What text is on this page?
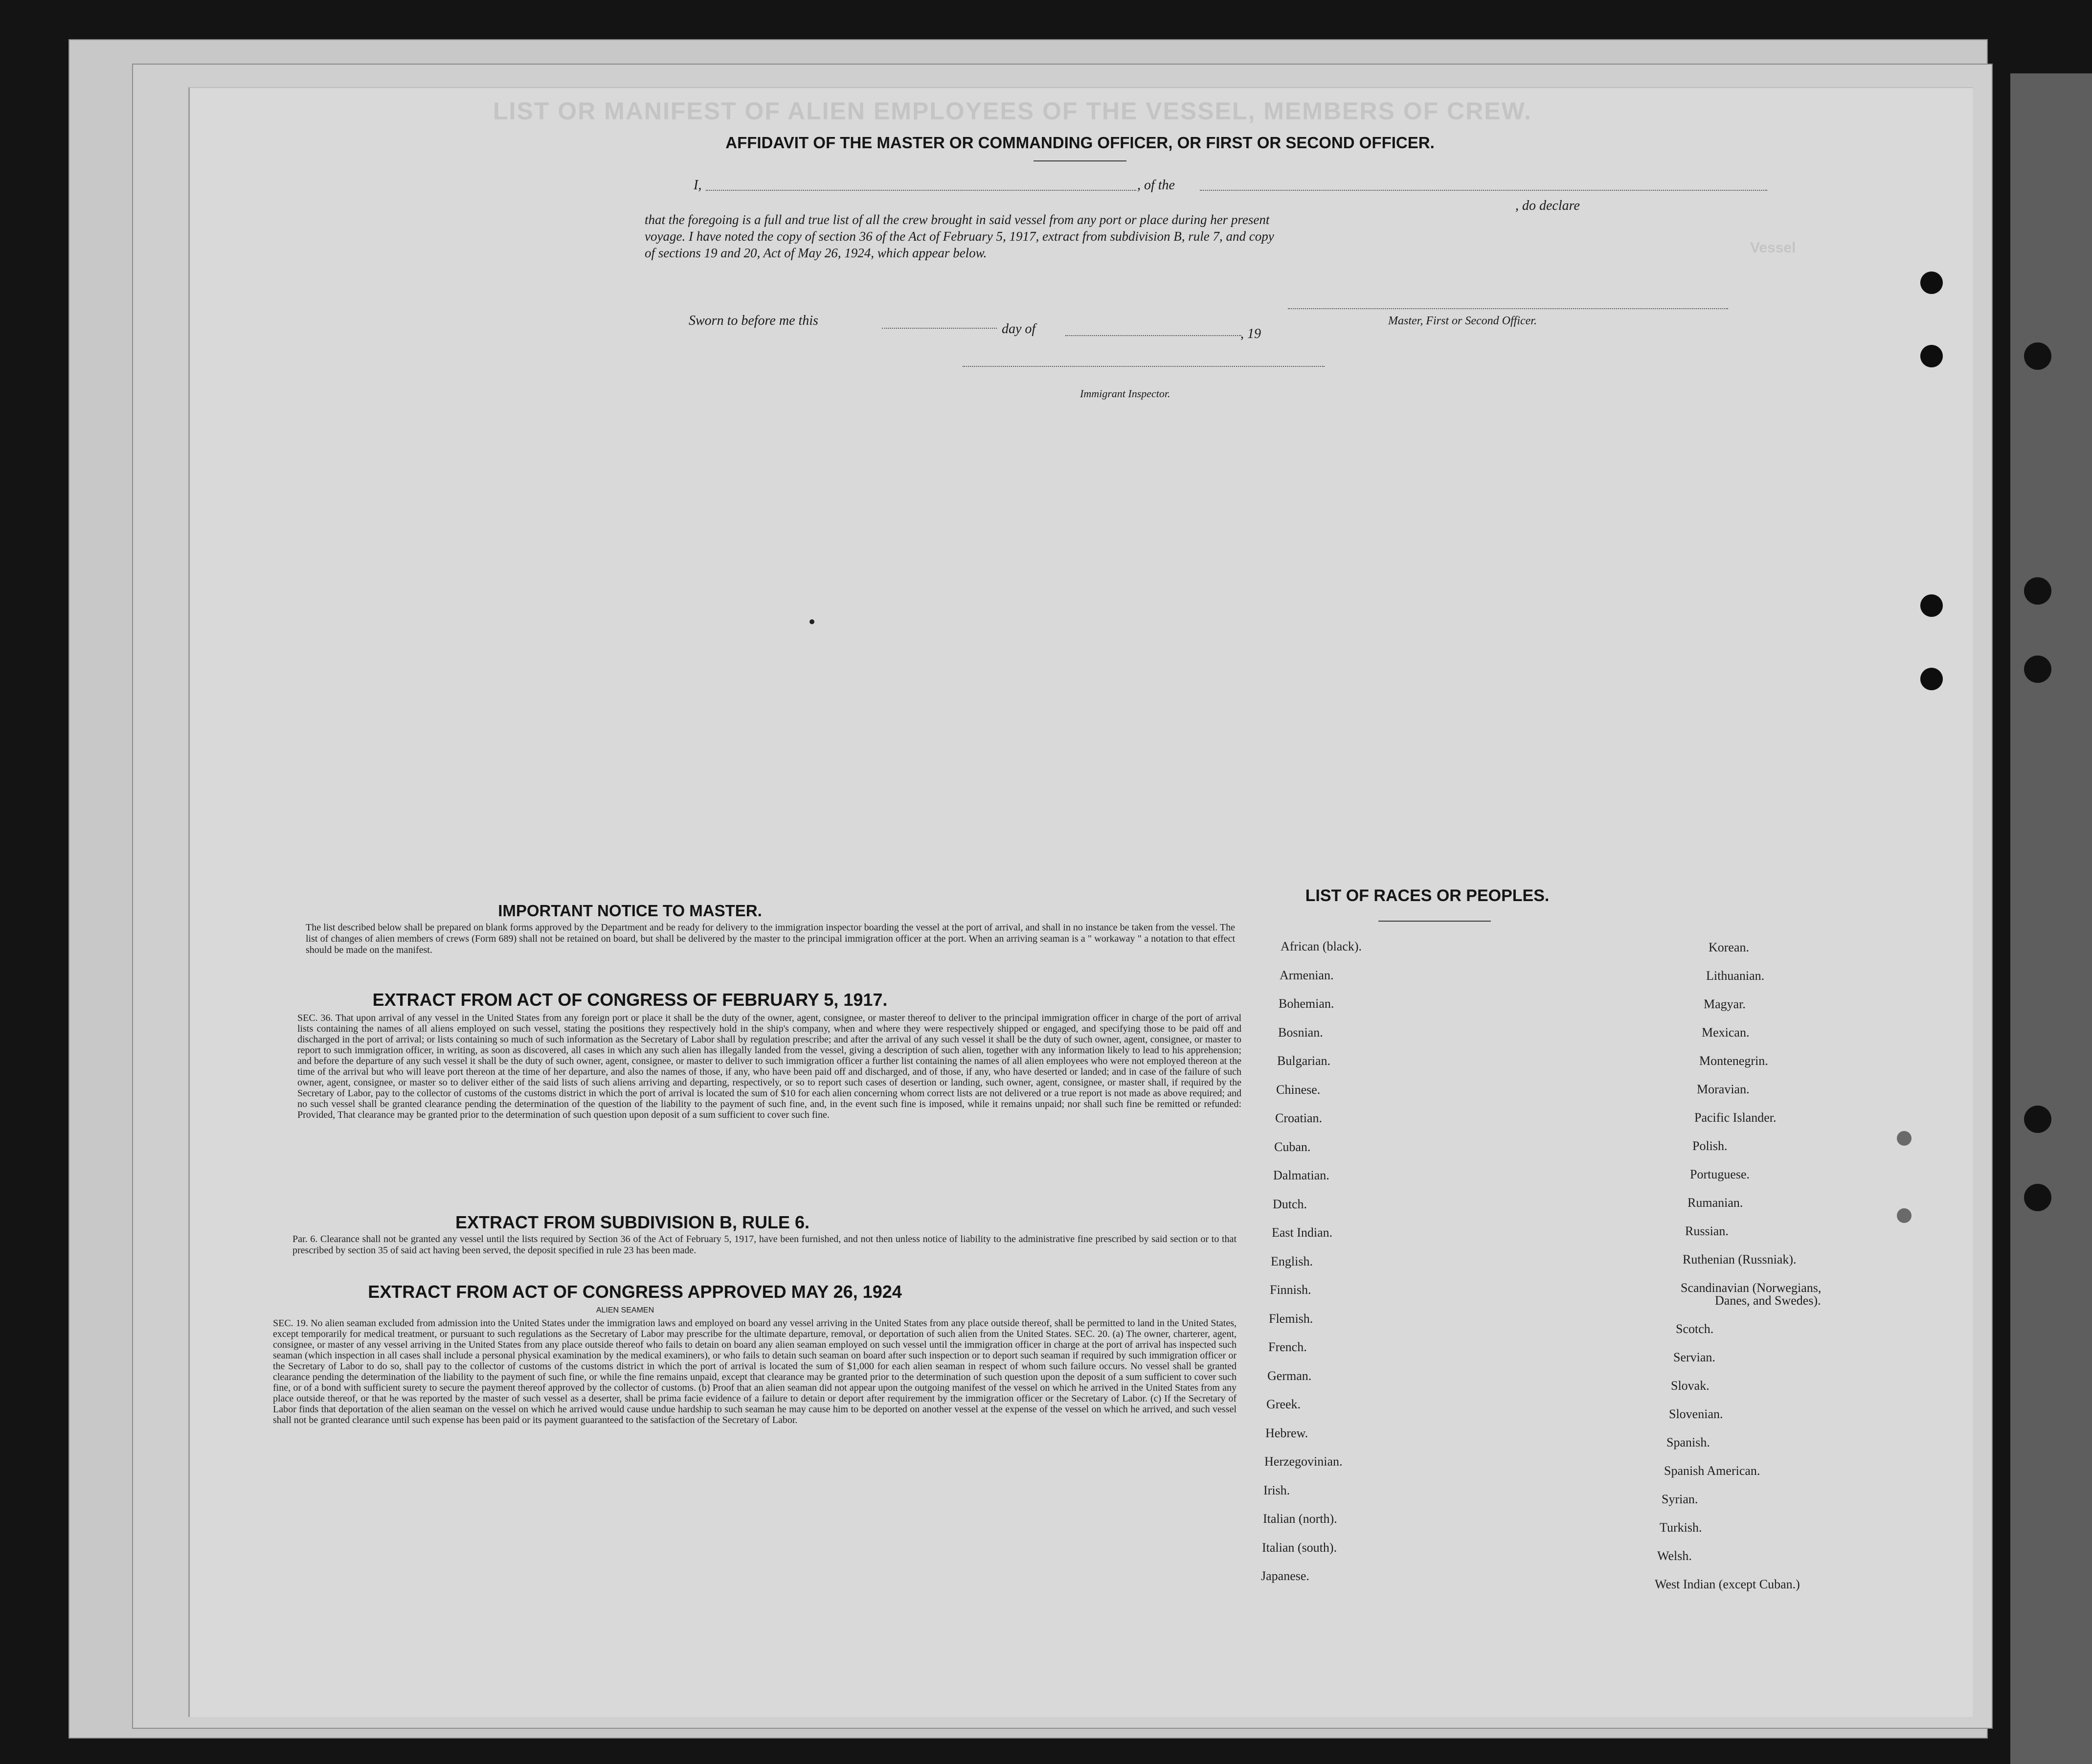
LIST OR MANIFEST OF ALIEN EMPLOYEES OF THE VESSEL, MEMBERS OF CREW.
Vessel
AFFIDAVIT OF THE MASTER OR COMMANDING OFFICER, OR FIRST OR SECOND OFFICER.
I,	, of the
, do declare
that the foregoing is a full and true list of all the crew brought in said vessel from any port or place during her present
voyage. I have noted the copy of section 36 of the Act of February 5, 1917, extract from subdivision B, rule 7, and copy
of sections 19 and 20, Act of May 26, 1924, which appear below.
Master, First or Second Officer.
Sworn to before me this
day of	, 19
Immigrant Inspector.
IMPORTANT NOTICE TO MASTER.
The list described below shall be prepared on blank forms approved by the Department and be ready for delivery to the immigration inspector boarding the vessel at the port of arrival, and shall in no instance be taken from the vessel. The list of changes of alien members of crews (Form 689) shall not be retained on board, but shall be delivered by the master to the principal immigration officer at the port. When an arriving seaman is a " workaway " a notation to that effect should be made on the manifest.
EXTRACT FROM ACT OF CONGRESS OF FEBRUARY 5, 1917.
SEC. 36. That upon arrival of any vessel in the United States from any foreign port or place it shall be the duty of the owner, agent, consignee, or master thereof to deliver to the principal immigration officer in charge of the port of arrival lists containing the names of all aliens employed on such vessel, stating the positions they respectively hold in the ship's company, when and where they were respectively shipped or engaged, and specifying those to be paid off and discharged in the port of arrival; or lists containing so much of such information as the Secretary of Labor shall by regulation prescribe; and after the arrival of any such vessel it shall be the duty of such owner, agent, consignee, or master to report to such immigration officer, in writing, as soon as discovered, all cases in which any such alien has illegally landed from the vessel, giving a description of such alien, together with any information likely to lead to his apprehension; and before the departure of any such vessel it shall be the duty of such owner, agent, consignee, or master to deliver to such immigration officer a further list containing the names of all alien employees who were not employed thereon at the time of the arrival but who will leave port thereon at the time of her departure, and also the names of those, if any, who have been paid off and discharged, and of those, if any, who have deserted or landed; and in case of the failure of such owner, agent, consignee, or master so to deliver either of the said lists of such aliens arriving and departing, respectively, or so to report such cases of desertion or landing, such owner, agent, consignee, or master shall, if required by the Secretary of Labor, pay to the collector of customs of the customs district in which the port of arrival is located the sum of $10 for each alien concerning whom correct lists are not delivered or a true report is not made as above required; and no such vessel shall be granted clearance pending the determination of the question of the liability to the payment of such fine, and, in the event such fine is imposed, while it remains unpaid; nor shall such fine be remitted or refunded: Provided, That clearance may be granted prior to the determination of such question upon deposit of a sum sufficient to cover such fine.
EXTRACT FROM SUBDIVISION B, RULE 6.
Par. 6. Clearance shall not be granted any vessel until the lists required by Section 36 of the Act of February 5, 1917, have been furnished, and not then unless notice of liability to the administrative fine prescribed by said section or to that prescribed by section 35 of said act having been served, the deposit specified in rule 23 has been made.
EXTRACT FROM ACT OF CONGRESS APPROVED MAY 26, 1924
ALIEN SEAMEN
SEC. 19. No alien seaman excluded from admission into the United States under the immigration laws and employed on board any vessel arriving in the United States from any place outside thereof, shall be permitted to land in the United States, except temporarily for medical treatment, or pursuant to such regulations as the Secretary of Labor may prescribe for the ultimate departure, removal, or deportation of such alien from the United States. SEC. 20. (a) The owner, charterer, agent, consignee, or master of any vessel arriving in the United States from any place outside thereof who fails to detain on board any alien seaman employed on such vessel until the immigration officer in charge at the port of arrival has inspected such seaman (which inspection in all cases shall include a personal physical examination by the medical examiners), or who fails to detain such seaman on board after such inspection or to deport such seaman if required by such immigration officer or the Secretary of Labor to do so, shall pay to the collector of customs of the customs district in which the port of arrival is located the sum of $1,000 for each alien seaman in respect of whom such failure occurs. No vessel shall be granted clearance pending the determination of the liability to the payment of such fine, or while the fine remains unpaid, except that clearance may be granted prior to the determination of such question upon the deposit of a sum sufficient to cover such fine, or of a bond with sufficient surety to secure the payment thereof approved by the collector of customs. (b) Proof that an alien seaman did not appear upon the outgoing manifest of the vessel on which he arrived in the United States from any place outside thereof, or that he was reported by the master of such vessel as a deserter, shall be prima facie evidence of a failure to detain or deport after requirement by the immigration officer or the Secretary of Labor. (c) If the Secretary of Labor finds that deportation of the alien seaman on the vessel on which he arrived would cause undue hardship to such seaman he may cause him to be deported on another vessel at the expense of the vessel on which he arrived, and such vessel shall not be granted clearance until such expense has been paid or its payment guaranteed to the satisfaction of the Secretary of Labor.
LIST OF RACES OR PEOPLES.
African (black).
Armenian.
Bohemian.
Bosnian.
Bulgarian.
Chinese.
Croatian.
Cuban.
Dalmatian.
Dutch.
East Indian.
English.
Finnish.
Flemish.
French.
German.
Greek.
Hebrew.
Herzegovinian.
Irish.
Italian (north).
Italian (south).
Japanese.
Korean.
Lithuanian.
Magyar.
Mexican.
Montenegrin.
Moravian.
Pacific Islander.
Polish.
Portuguese.
Rumanian.
Russian.
Ruthenian (Russniak).
Scandinavian (Norwegians,
Danes, and Swedes).
Scotch.
Servian.
Slovak.
Slovenian.
Spanish.
Spanish American.
Syrian.
Turkish.
Welsh.
West Indian (except Cuban.)
